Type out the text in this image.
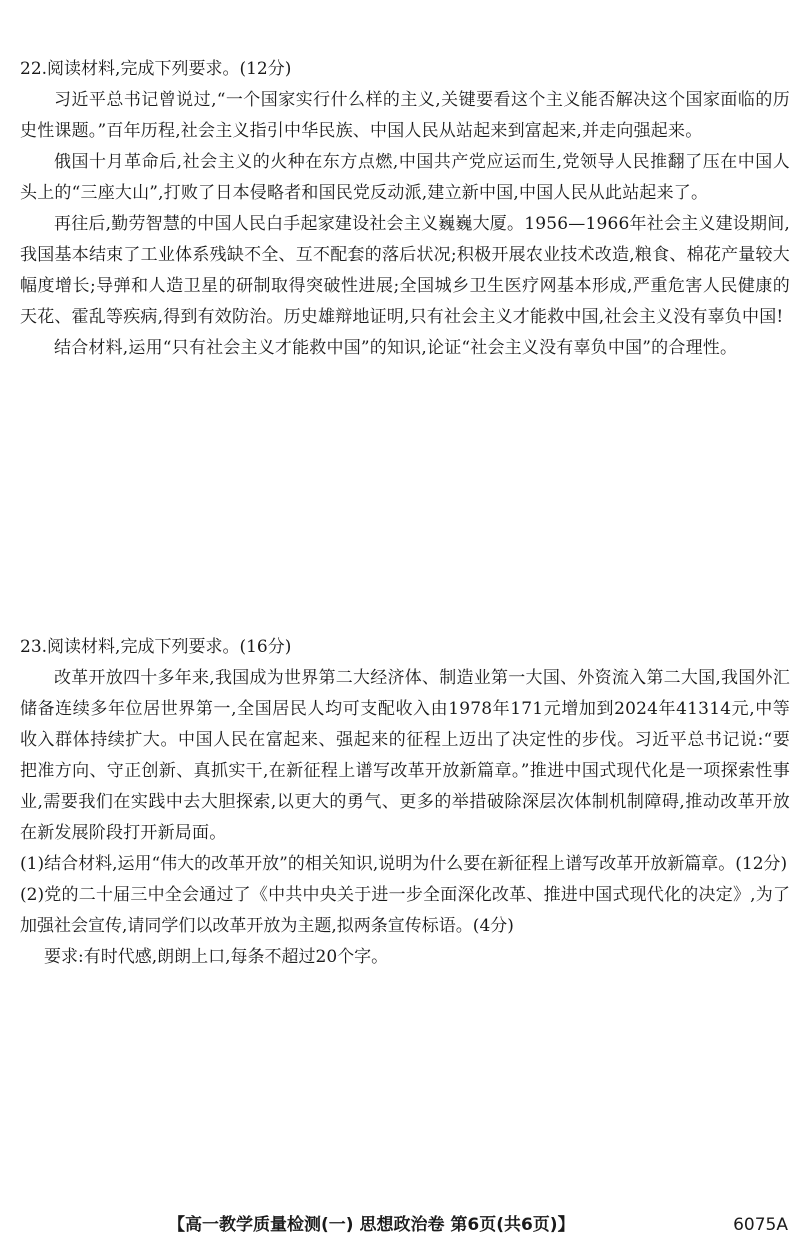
22.阅读材料,完成下列要求。(12分)

习近平总书记曾说过,“一个国家实行什么样的主义,关键要看这个主义能否解决这个国家面临的历史性课题。”百年历程,社会主义指引中华民族、中国人民从站起来到富起来,并走向强起来。

俄国十月革命后,社会主义的火种在东方点燃,中国共产党应运而生,党领导人民推翻了压在中国人头上的“三座大山”,打败了日本侵略者和国民党反动派,建立新中国,中国人民从此站起来了。

再往后,勤劳智慧的中国人民白手起家建设社会主义巍巍大厦。1956—1966年社会主义建设期间,我国基本结束了工业体系残缺不全、互不配套的落后状况;积极开展农业技术改造,粮食、棉花产量较大幅度增长;导弹和人造卫星的研制取得突破性进展;全国城乡卫生医疗网基本形成,严重危害人民健康的天花、霍乱等疾病,得到有效防治。历史雄辩地证明,只有社会主义才能救中国,社会主义没有辜负中国!

结合材料,运用“只有社会主义才能救中国”的知识,论证“社会主义没有辜负中国”的合理性。

23.阅读材料,完成下列要求。(16分)

改革开放四十多年来,我国成为世界第二大经济体、制造业第一大国、外资流入第二大国,我国外汇储备连续多年位居世界第一,全国居民人均可支配收入由1978年171元增加到2024年41314元,中等收入群体持续扩大。中国人民在富起来、强起来的征程上迈出了决定性的步伐。习近平总书记说:“要把准方向、守正创新、真抓实干,在新征程上谱写改革开放新篇章。”推进中国式现代化是一项探索性事业,需要我们在实践中去大胆探索,以更大的勇气、更多的举措破除深层次体制机制障碍,推动改革开放在新发展阶段打开新局面。

(1)结合材料,运用“伟大的改革开放”的相关知识,说明为什么要在新征程上谱写改革开放新篇章。(12分)

(2)党的二十届三中全会通过了《中共中央关于进一步全面深化改革、推进中国式现代化的决定》,为了加强社会宣传,请同学们以改革开放为主题,拟两条宣传标语。(4分)

要求:有时代感,朗朗上口,每条不超过20个字。

【高一教学质量检测(一) 思想政治卷 第6页(共6页)】	6075A
